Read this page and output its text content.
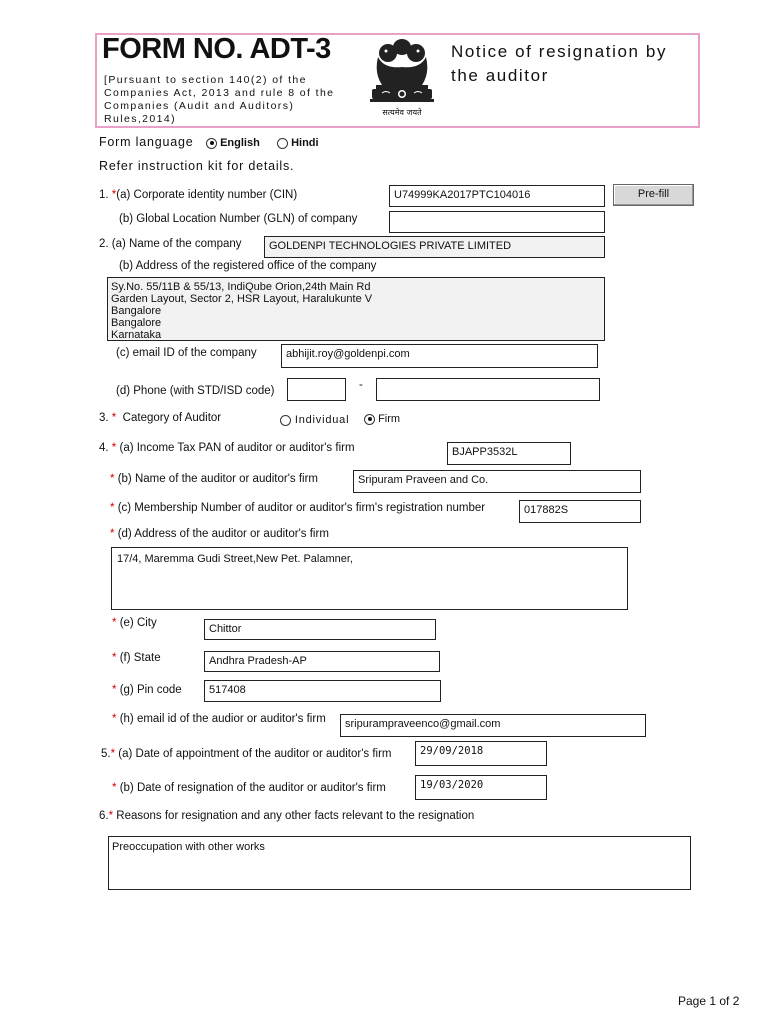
FORM NO. ADT-3
[Pursuant to section 140(2) of the Companies Act, 2013 and rule 8 of the Companies (Audit and Auditors) Rules,2014)
Notice of resignation by the auditor
सत्यमेव जयते
Form language	English	Hindi
Refer instruction kit for details.
1. *(a) Corporate identity number (CIN)	U74999KA2017PTC104016	Pre-fill
(b) Global Location Number (GLN) of company
2. (a) Name of the company	GOLDENPI TECHNOLOGIES PRIVATE LIMITED
(b) Address of the registered office of the company
Sy.No. 55/11B & 55/13, IndiQube Orion,24th Main Rd
Garden Layout, Sector 2, HSR Layout, Haralukunte V
Bangalore
Bangalore
Karnataka
(c) email ID of the company	abhijit.roy@goldenpi.com
(d) Phone (with STD/ISD code)	-
3. * Category of Auditor	Individual	Firm
4. * (a) Income Tax PAN of auditor or auditor's firm	BJAPP3532L
* (b) Name of the auditor or auditor's firm	Sripuram Praveen and Co.
* (c) Membership Number of auditor or auditor's firm's registration number	017882S
* (d) Address of the auditor or auditor's firm
17/4, Maremma Gudi Street,New Pet. Palamner,
* (e) City	Chittor
* (f) State	Andhra Pradesh-AP
* (g) Pin code	517408
* (h) email id of the audior or auditor's firm	sripurampraveenco@gmail.com
5.* (a) Date of appointment of the auditor or auditor's firm	29/09/2018
* (b) Date of resignation of the auditor or auditor's firm	19/03/2020
6.* Reasons for resignation and any other facts relevant to the resignation
Preoccupation with other works
Page 1 of 2
